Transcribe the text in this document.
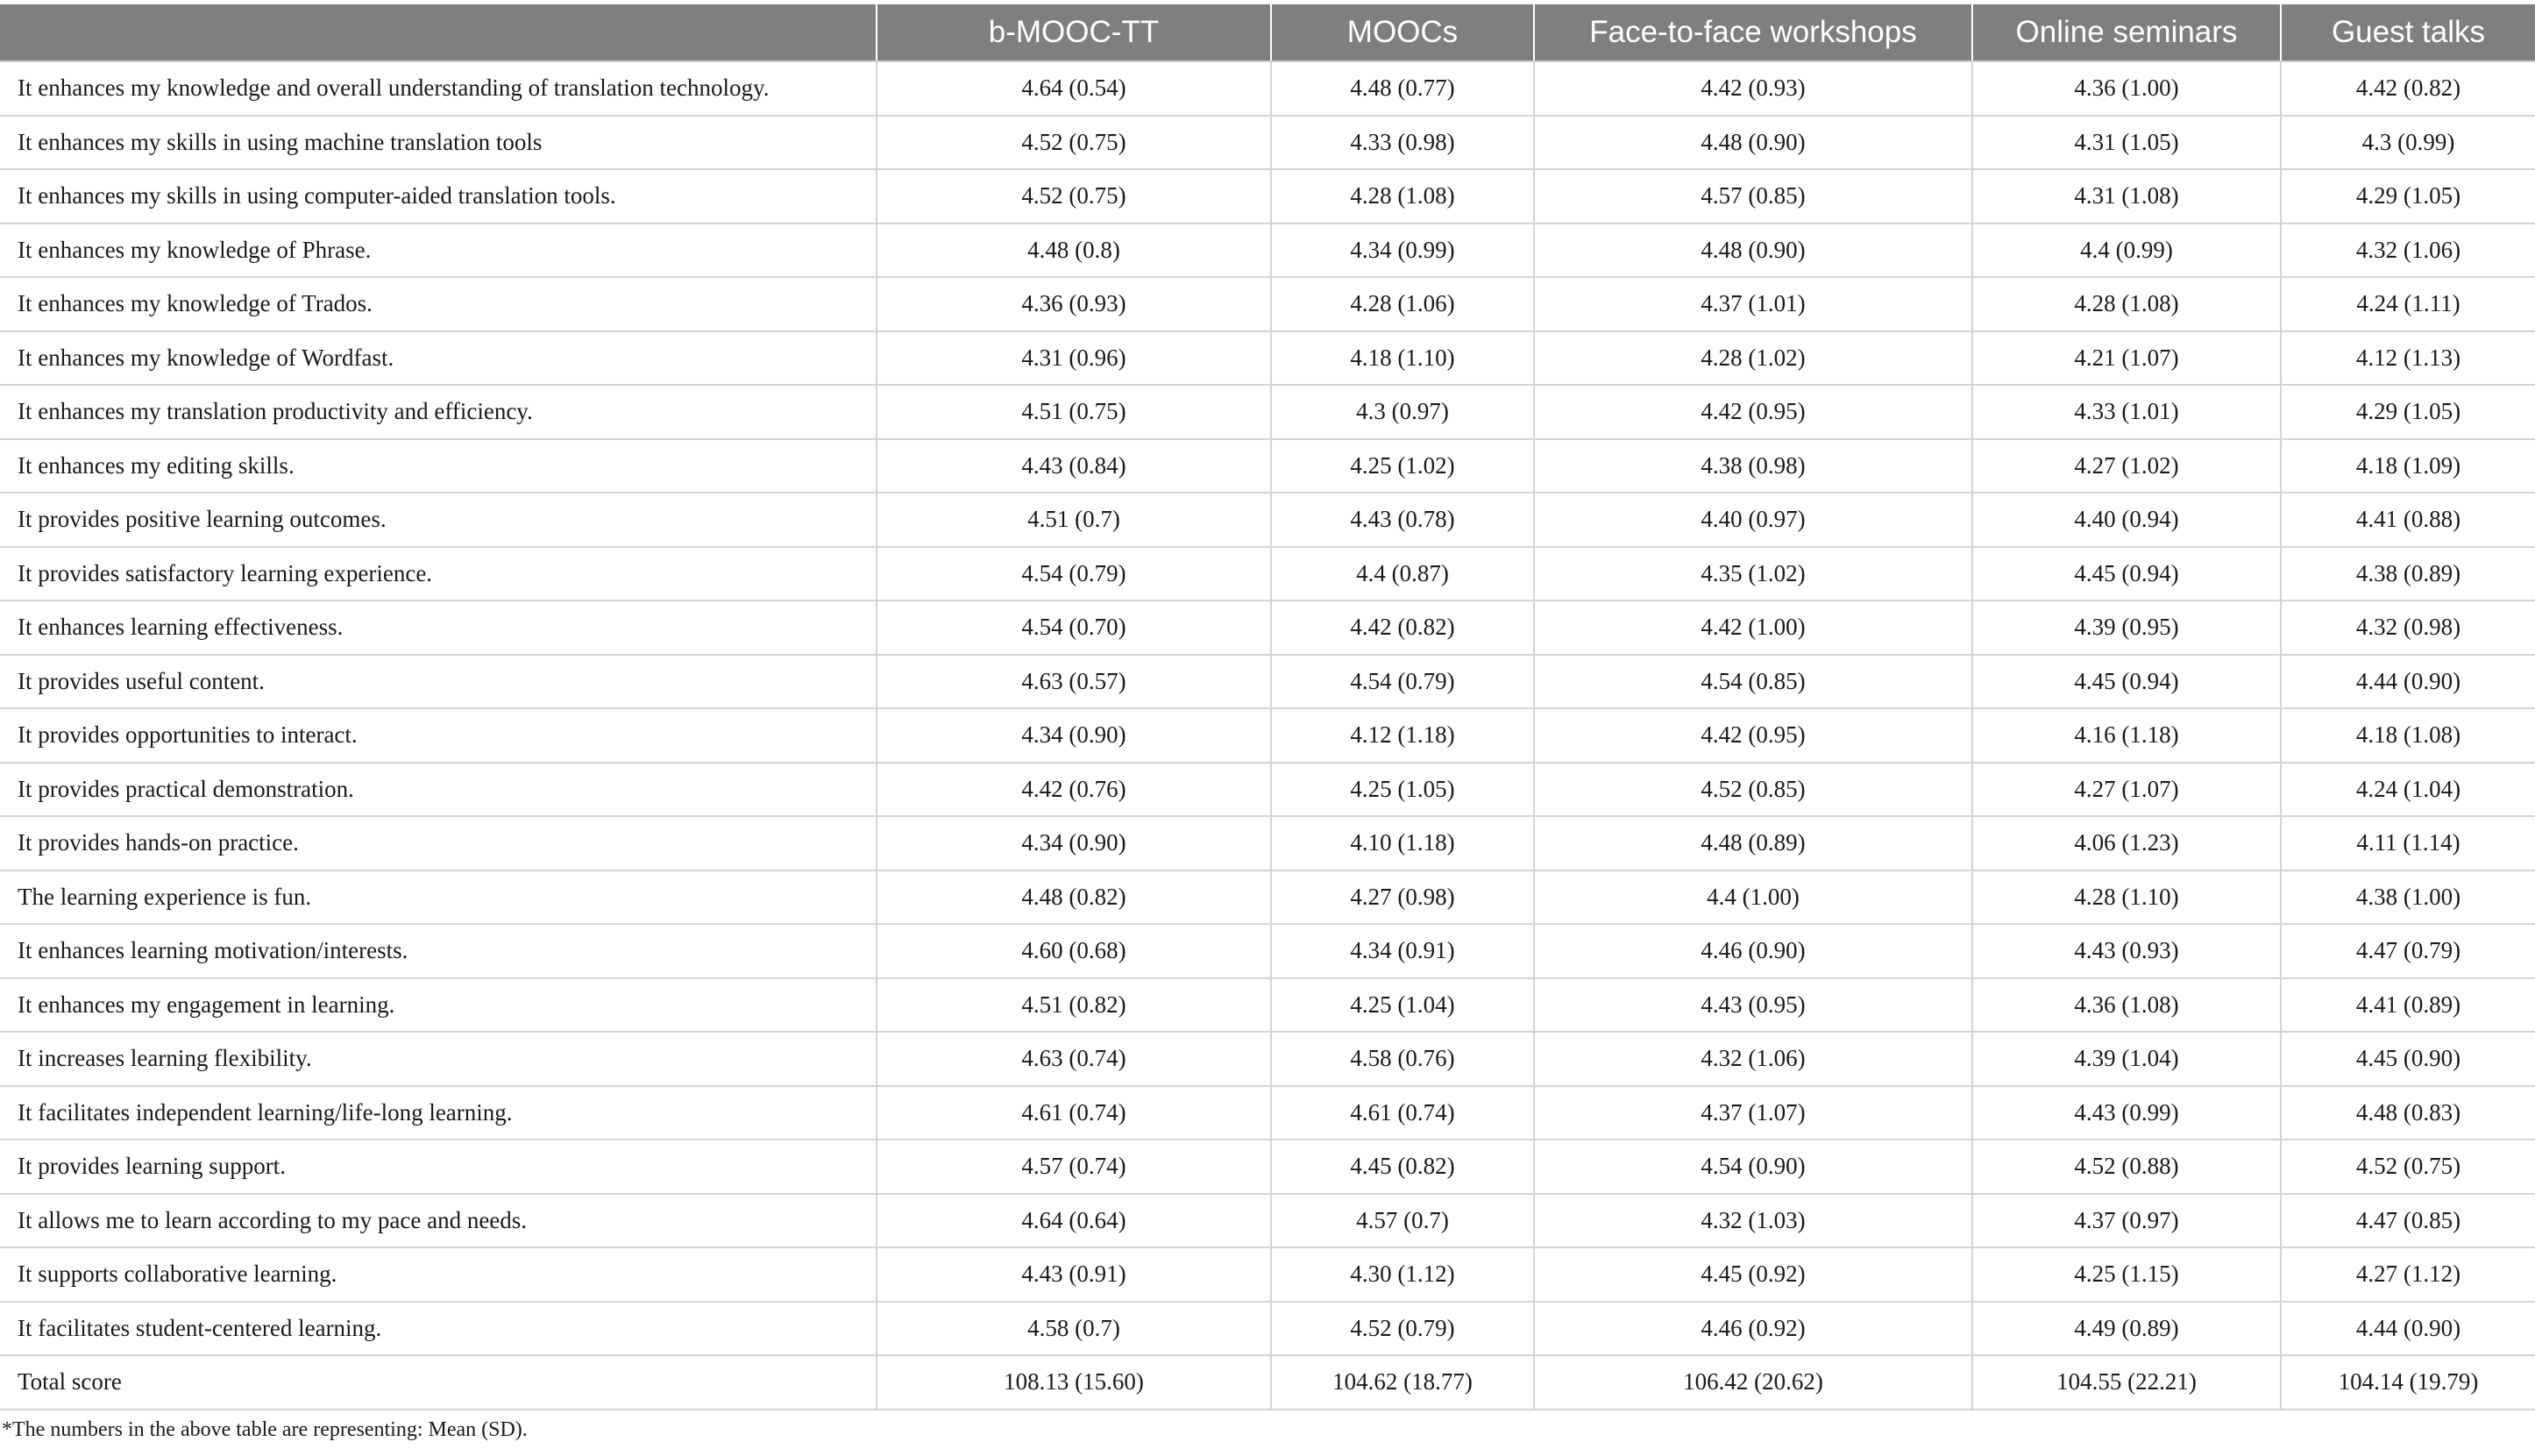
	b-MOOC-TT	MOOCs	Face-to-face workshops	Online seminars	Guest talks
It enhances my knowledge and overall understanding of translation technology.	4.64 (0.54)	4.48 (0.77)	4.42 (0.93)	4.36 (1.00)	4.42 (0.82)
It enhances my skills in using machine translation tools	4.52 (0.75)	4.33 (0.98)	4.48 (0.90)	4.31 (1.05)	4.3 (0.99)
It enhances my skills in using computer-aided translation tools.	4.52 (0.75)	4.28 (1.08)	4.57 (0.85)	4.31 (1.08)	4.29 (1.05)
It enhances my knowledge of Phrase.	4.48 (0.8)	4.34 (0.99)	4.48 (0.90)	4.4 (0.99)	4.32 (1.06)
It enhances my knowledge of Trados.	4.36 (0.93)	4.28 (1.06)	4.37 (1.01)	4.28 (1.08)	4.24 (1.11)
It enhances my knowledge of Wordfast.	4.31 (0.96)	4.18 (1.10)	4.28 (1.02)	4.21 (1.07)	4.12 (1.13)
It enhances my translation productivity and efficiency.	4.51 (0.75)	4.3 (0.97)	4.42 (0.95)	4.33 (1.01)	4.29 (1.05)
It enhances my editing skills.	4.43 (0.84)	4.25 (1.02)	4.38 (0.98)	4.27 (1.02)	4.18 (1.09)
It provides positive learning outcomes.	4.51 (0.7)	4.43 (0.78)	4.40 (0.97)	4.40 (0.94)	4.41 (0.88)
It provides satisfactory learning experience.	4.54 (0.79)	4.4 (0.87)	4.35 (1.02)	4.45 (0.94)	4.38 (0.89)
It enhances learning effectiveness.	4.54 (0.70)	4.42 (0.82)	4.42 (1.00)	4.39 (0.95)	4.32 (0.98)
It provides useful content.	4.63 (0.57)	4.54 (0.79)	4.54 (0.85)	4.45 (0.94)	4.44 (0.90)
It provides opportunities to interact.	4.34 (0.90)	4.12 (1.18)	4.42 (0.95)	4.16 (1.18)	4.18 (1.08)
It provides practical demonstration.	4.42 (0.76)	4.25 (1.05)	4.52 (0.85)	4.27 (1.07)	4.24 (1.04)
It provides hands-on practice.	4.34 (0.90)	4.10 (1.18)	4.48 (0.89)	4.06 (1.23)	4.11 (1.14)
The learning experience is fun.	4.48 (0.82)	4.27 (0.98)	4.4 (1.00)	4.28 (1.10)	4.38 (1.00)
It enhances learning motivation/interests.	4.60 (0.68)	4.34 (0.91)	4.46 (0.90)	4.43 (0.93)	4.47 (0.79)
It enhances my engagement in learning.	4.51 (0.82)	4.25 (1.04)	4.43 (0.95)	4.36 (1.08)	4.41 (0.89)
It increases learning flexibility.	4.63 (0.74)	4.58 (0.76)	4.32 (1.06)	4.39 (1.04)	4.45 (0.90)
It facilitates independent learning/life-long learning.	4.61 (0.74)	4.61 (0.74)	4.37 (1.07)	4.43 (0.99)	4.48 (0.83)
It provides learning support.	4.57 (0.74)	4.45 (0.82)	4.54 (0.90)	4.52 (0.88)	4.52 (0.75)
It allows me to learn according to my pace and needs.	4.64 (0.64)	4.57 (0.7)	4.32 (1.03)	4.37 (0.97)	4.47 (0.85)
It supports collaborative learning.	4.43 (0.91)	4.30 (1.12)	4.45 (0.92)	4.25 (1.15)	4.27 (1.12)
It facilitates student-centered learning.	4.58 (0.7)	4.52 (0.79)	4.46 (0.92)	4.49 (0.89)	4.44 (0.90)
Total score	108.13 (15.60)	104.62 (18.77)	106.42 (20.62)	104.55 (22.21)	104.14 (19.79)
*The numbers in the above table are representing: Mean (SD).
